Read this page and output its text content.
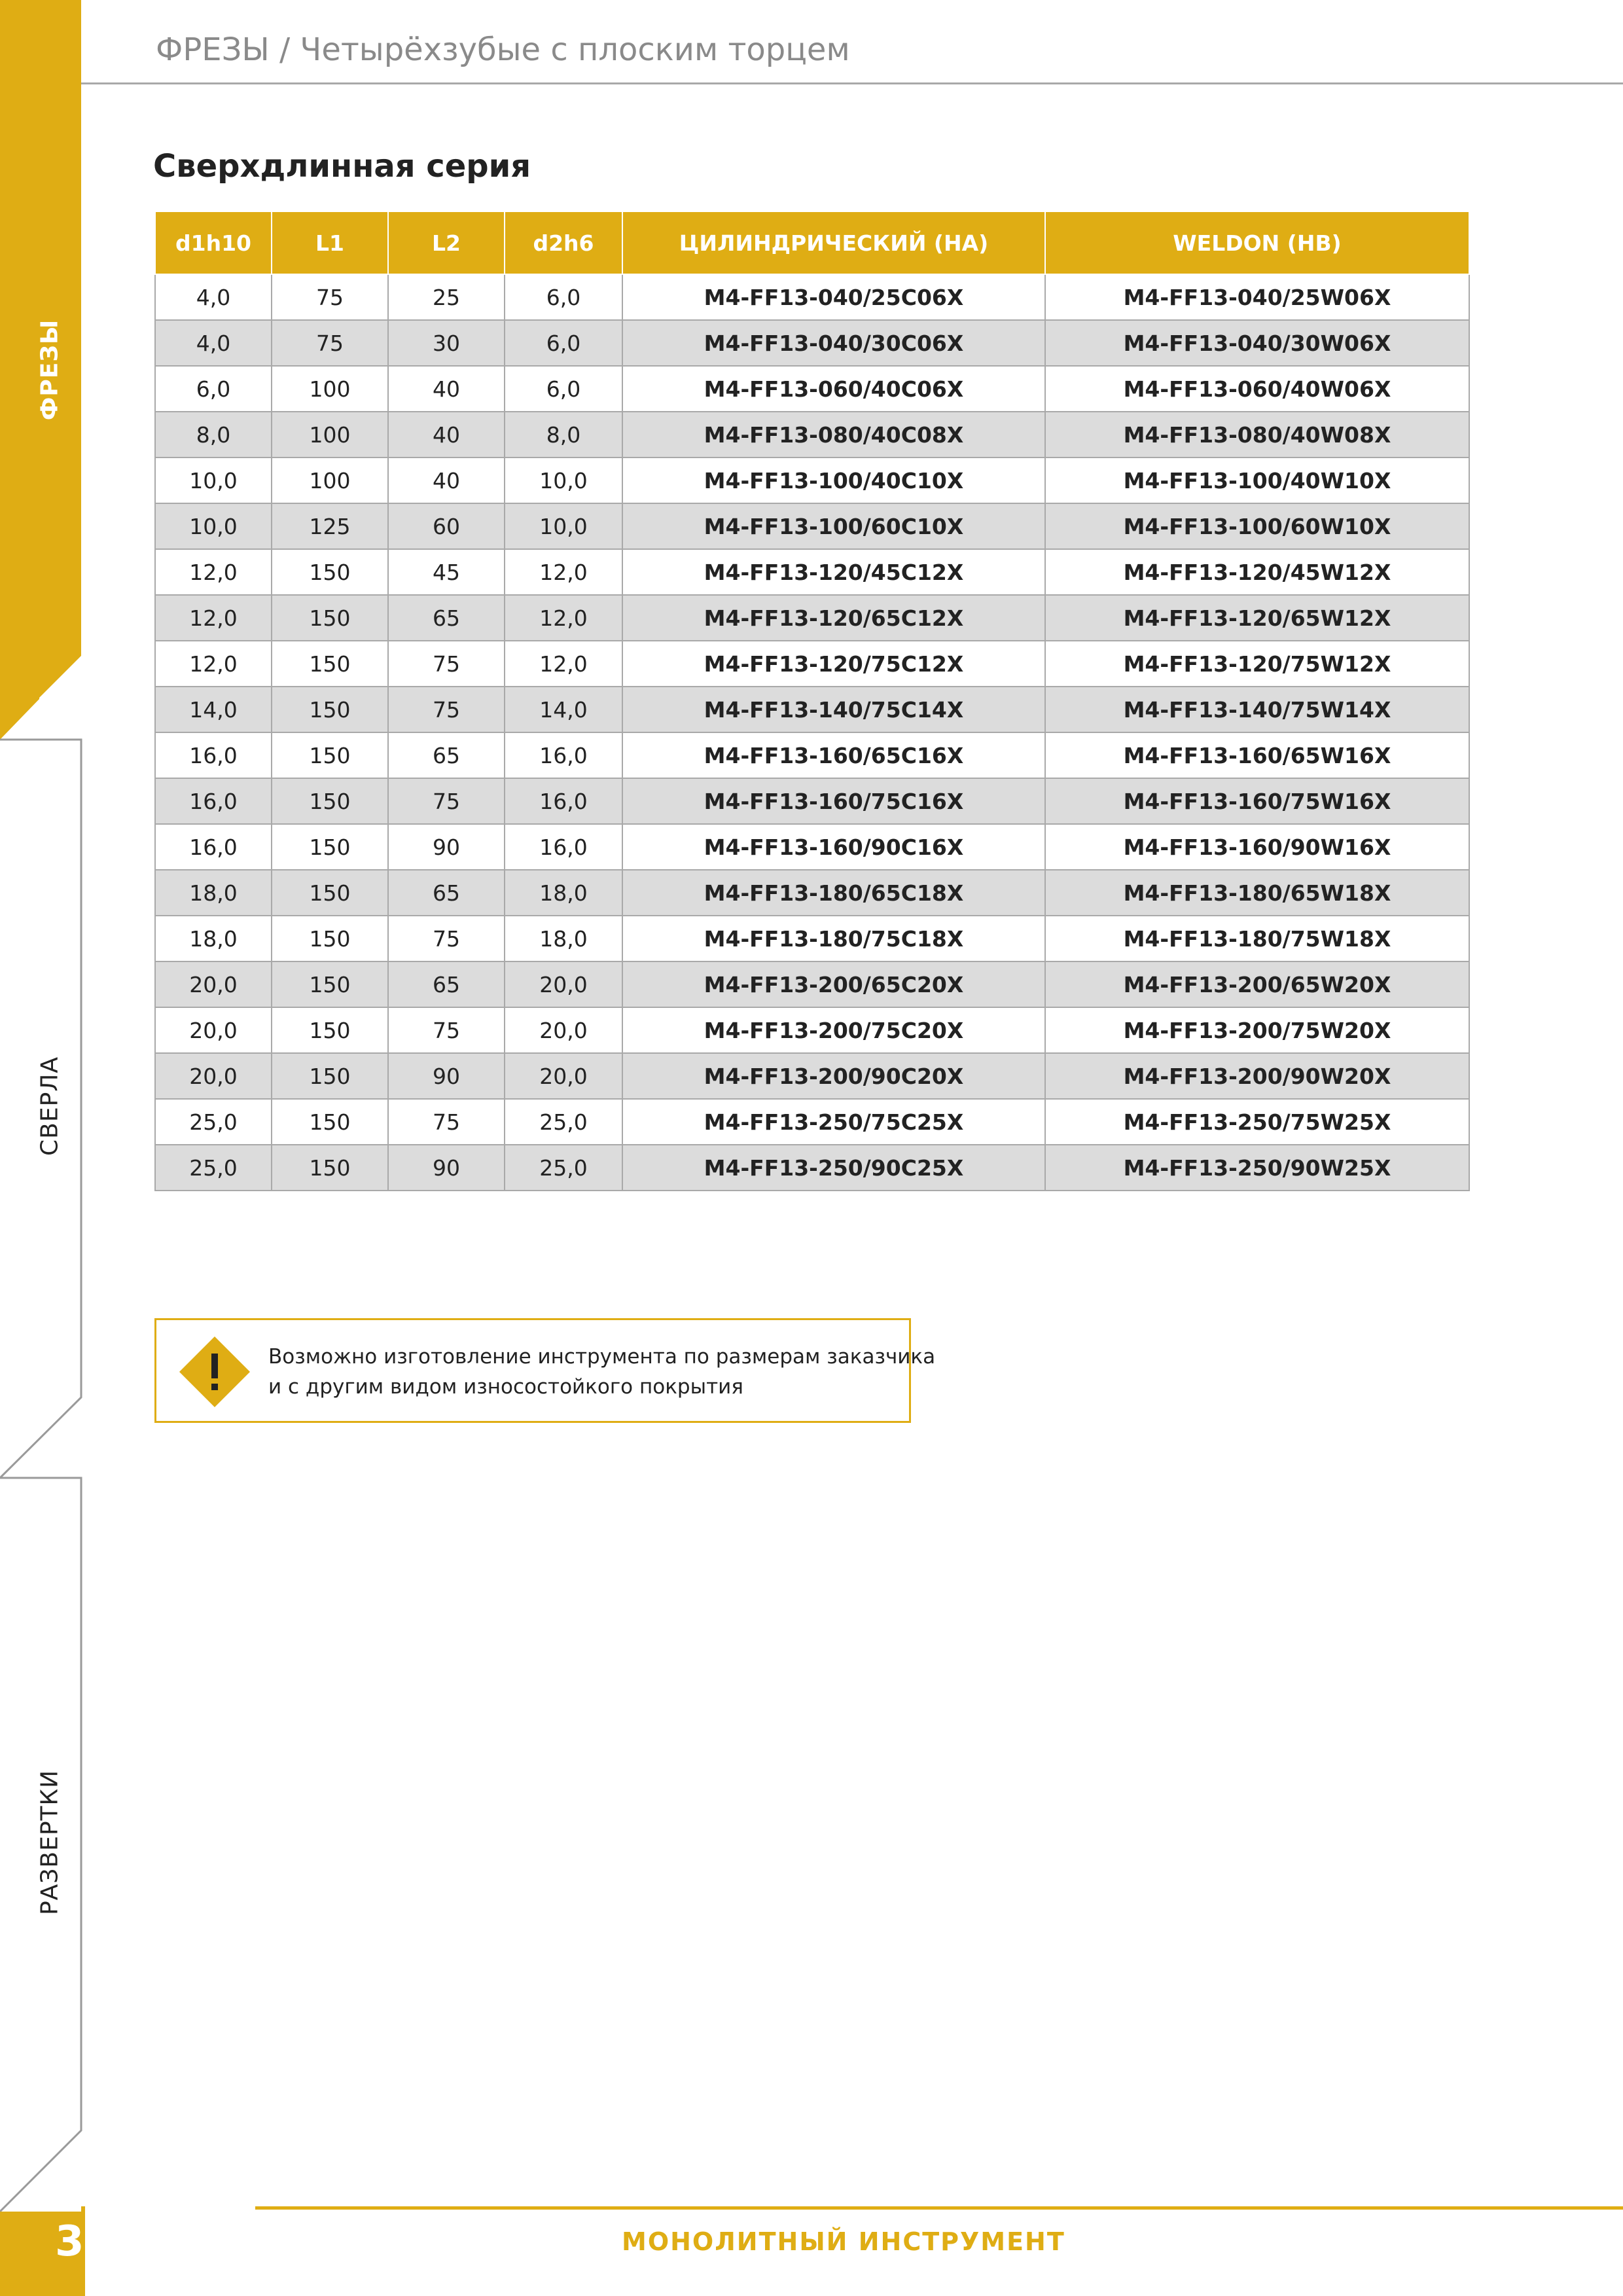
ФРЕЗЫ
СВЕРЛА
РАЗВЕРТКИ
ФРЕЗЫ / Четырёхзубые с плоским торцем
Сверхдлинная серия
d1h10	L1	L2	d2h6	ЦИЛИНДРИЧЕСКИЙ (HA)	WELDON (HB)
4,0	75	25	6,0	M4-FF13-040/25C06X	M4-FF13-040/25W06X
4,0	75	30	6,0	M4-FF13-040/30C06X	M4-FF13-040/30W06X
6,0	100	40	6,0	M4-FF13-060/40C06X	M4-FF13-060/40W06X
8,0	100	40	8,0	M4-FF13-080/40C08X	M4-FF13-080/40W08X
10,0	100	40	10,0	M4-FF13-100/40C10X	M4-FF13-100/40W10X
10,0	125	60	10,0	M4-FF13-100/60C10X	M4-FF13-100/60W10X
12,0	150	45	12,0	M4-FF13-120/45C12X	M4-FF13-120/45W12X
12,0	150	65	12,0	M4-FF13-120/65C12X	M4-FF13-120/65W12X
12,0	150	75	12,0	M4-FF13-120/75C12X	M4-FF13-120/75W12X
14,0	150	75	14,0	M4-FF13-140/75C14X	M4-FF13-140/75W14X
16,0	150	65	16,0	M4-FF13-160/65C16X	M4-FF13-160/65W16X
16,0	150	75	16,0	M4-FF13-160/75C16X	M4-FF13-160/75W16X
16,0	150	90	16,0	M4-FF13-160/90C16X	M4-FF13-160/90W16X
18,0	150	65	18,0	M4-FF13-180/65C18X	M4-FF13-180/65W18X
18,0	150	75	18,0	M4-FF13-180/75C18X	M4-FF13-180/75W18X
20,0	150	65	20,0	M4-FF13-200/65C20X	M4-FF13-200/65W20X
20,0	150	75	20,0	M4-FF13-200/75C20X	M4-FF13-200/75W20X
20,0	150	90	20,0	M4-FF13-200/90C20X	M4-FF13-200/90W20X
25,0	150	75	25,0	M4-FF13-250/75C25X	M4-FF13-250/75W25X
25,0	150	90	25,0	M4-FF13-250/90C25X	M4-FF13-250/90W25X
Возможно изготовление инструмента по размерам заказчика
и с другим видом износостойкого покрытия
38	МОНОЛИТНЫЙ ИНСТРУМЕНТ
